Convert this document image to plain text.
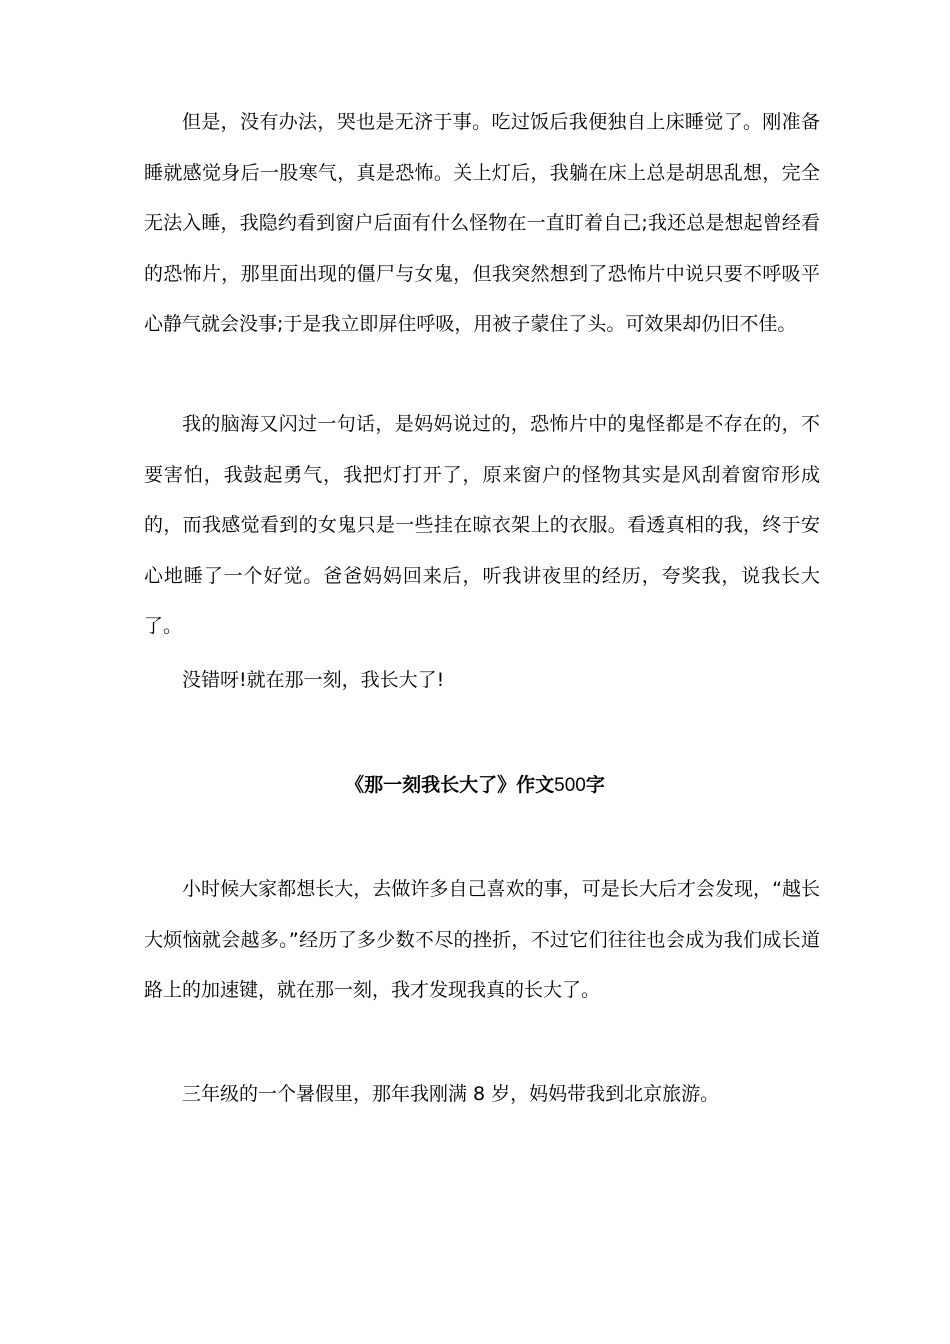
但是，没有办法，哭也是无济于事。吃过饭后我便独自上床睡觉了。刚准备睡就感觉身后一股寒气，真是恐怖。关上灯后，我躺在床上总是胡思乱想，完全无法入睡，我隐约看到窗户后面有什么怪物在一直盯着自己;我还总是想起曾经看的恐怖片，那里面出现的僵尸与女鬼，但我突然想到了恐怖片中说只要不呼吸平心静气就会没事;于是我立即屏住呼吸，用被子蒙住了头。可效果却仍旧不佳。

我的脑海又闪过一句话，是妈妈说过的，恐怖片中的鬼怪都是不存在的，不要害怕，我鼓起勇气，我把灯打开了，原来窗户的怪物其实是风刮着窗帘形成的，而我感觉看到的女鬼只是一些挂在晾衣架上的衣服。看透真相的我，终于安心地睡了一个好觉。爸爸妈妈回来后，听我讲夜里的经历，夸奖我，说我长大了。

没错呀!就在那一刻，我长大了!

《那一刻我长大了》作文500字

小时候大家都想长大，去做许多自己喜欢的事，可是长大后才会发现，“越长大烦恼就会越多。”经历了多少数不尽的挫折，不过它们往往也会成为我们成长道路上的加速键，就在那一刻，我才发现我真的长大了。

三年级的一个暑假里，那年我刚满 8 岁，妈妈带我到北京旅游。
